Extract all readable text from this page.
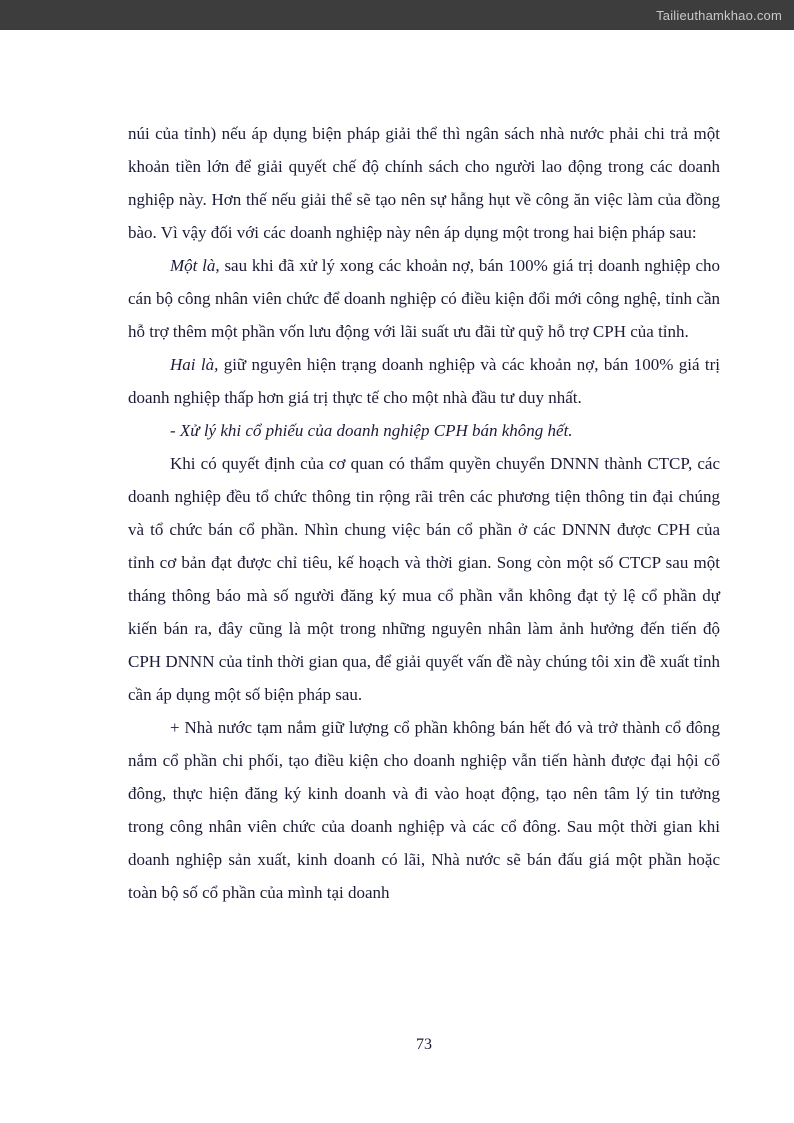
Tailieuthamkhao.com

núi của tỉnh) nếu áp dụng biện pháp giải thể thì ngân sách nhà nước phải chi trả một khoản tiền lớn để giải quyết chế độ chính sách cho người lao động trong các doanh nghiệp này. Hơn thế nếu giải thể sẽ tạo nên sự hẫng hụt về công ăn việc làm của đồng bào. Vì vậy đối với các doanh nghiệp này nên áp dụng một trong hai biện pháp sau:

Một là, sau khi đã xử lý xong các khoản nợ, bán 100% giá trị doanh nghiệp cho cán bộ công nhân viên chức để doanh nghiệp có điều kiện đổi mới công nghệ, tỉnh cần hỗ trợ thêm một phần vốn lưu động với lãi suất ưu đãi từ quỹ hỗ trợ CPH của tỉnh.

Hai là, giữ nguyên hiện trạng doanh nghiệp và các khoản nợ, bán 100% giá trị doanh nghiệp thấp hơn giá trị thực tế cho một nhà đầu tư duy nhất.

- Xử lý khi cổ phiếu của doanh nghiệp CPH bán không hết.

Khi có quyết định của cơ quan có thẩm quyền chuyển DNNN thành CTCP, các doanh nghiệp đều tổ chức thông tin rộng rãi trên các phương tiện thông tin đại chúng và tổ chức bán cổ phần. Nhìn chung việc bán cổ phần ở các DNNN được CPH của tỉnh cơ bản đạt được chỉ tiêu, kế hoạch và thời gian. Song còn một số CTCP sau một tháng thông báo mà số người đăng ký mua cổ phần vẫn không đạt tỷ lệ cổ phần dự kiến bán ra, đây cũng là một trong những nguyên nhân làm ảnh hưởng đến tiến độ CPH DNNN của tỉnh thời gian qua, để giải quyết vấn đề này chúng tôi xin đề xuất tỉnh cần áp dụng một số biện pháp sau.

+ Nhà nước tạm nắm giữ lượng cổ phần không bán hết đó và trở thành cổ đông nắm cổ phần chi phối, tạo điều kiện cho doanh nghiệp vẫn tiến hành được đại hội cổ đông, thực hiện đăng ký kinh doanh và đi vào hoạt động, tạo nên tâm lý tin tưởng trong công nhân viên chức của doanh nghiệp và các cổ đông. Sau một thời gian khi doanh nghiệp sản xuất, kinh doanh có lãi, Nhà nước sẽ bán đấu giá một phần hoặc toàn bộ số cổ phần của mình tại doanh

73
